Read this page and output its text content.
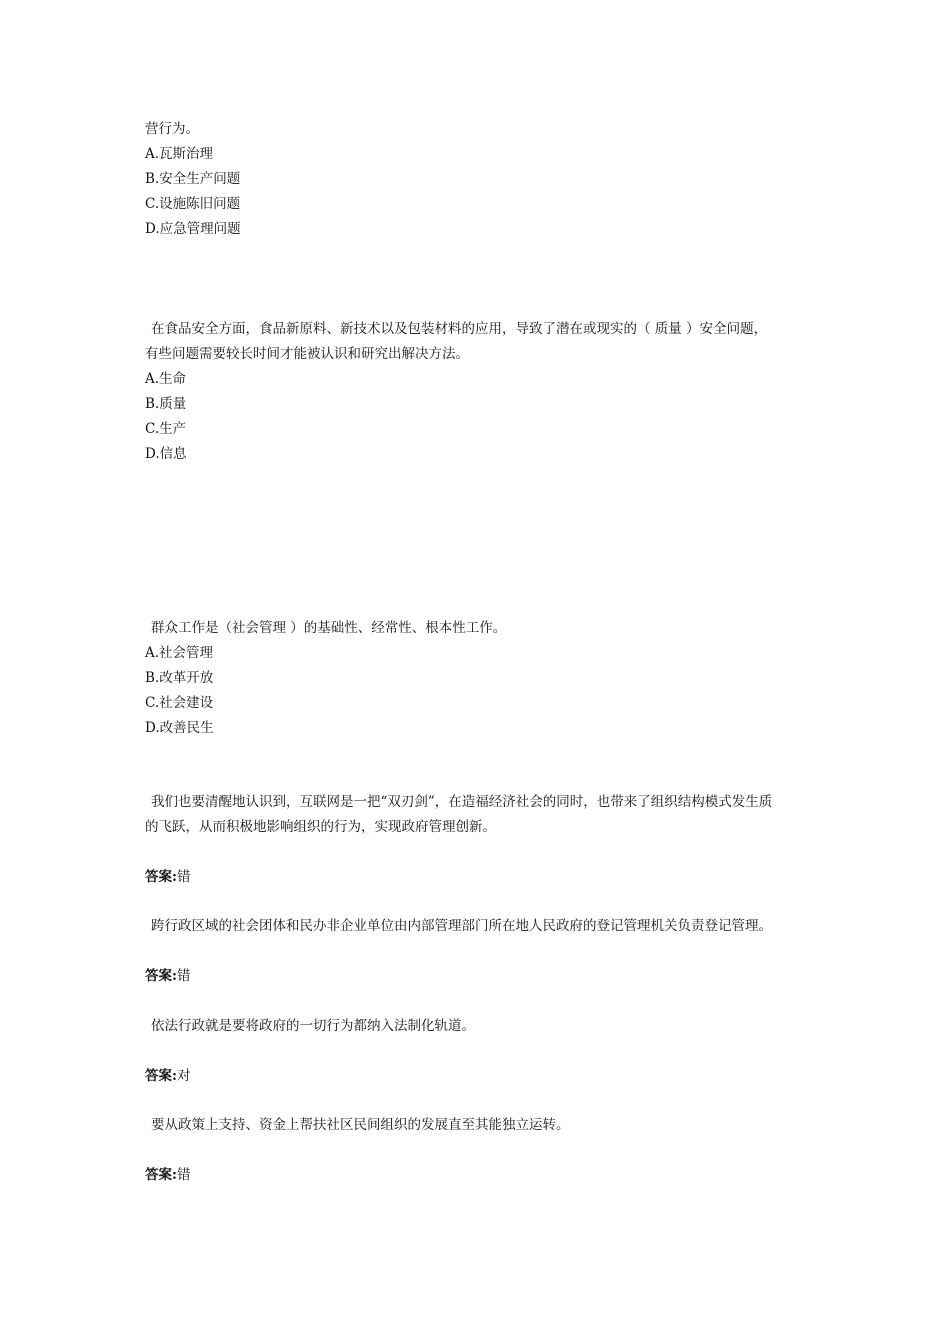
营行为。
A.瓦斯治理
B.安全生产问题
C.设施陈旧问题
D.应急管理问题
在食品安全方面，食品新原料、新技术以及包装材料的应用，导致了潜在或现实的（ 质量 ）安全问题，
有些问题需要较长时间才能被认识和研究出解决方法。
A.生命
B.质量
C.生产
D.信息
群众工作是（社会管理 ）的基础性、经常性、根本性工作。
A.社会管理
B.改革开放
C.社会建设
D.改善民生
我们也要清醒地认识到，互联网是一把“双刃剑”，在造福经济社会的同时，也带来了组织结构模式发生质
的飞跃，从而积极地影响组织的行为，实现政府管理创新。
答案:错
跨行政区域的社会团体和民办非企业单位由内部管理部门所在地人民政府的登记管理机关负责登记管理。
答案:错
依法行政就是要将政府的一切行为都纳入法制化轨道。
答案:对
要从政策上支持、资金上帮扶社区民间组织的发展直至其能独立运转。
答案:错
